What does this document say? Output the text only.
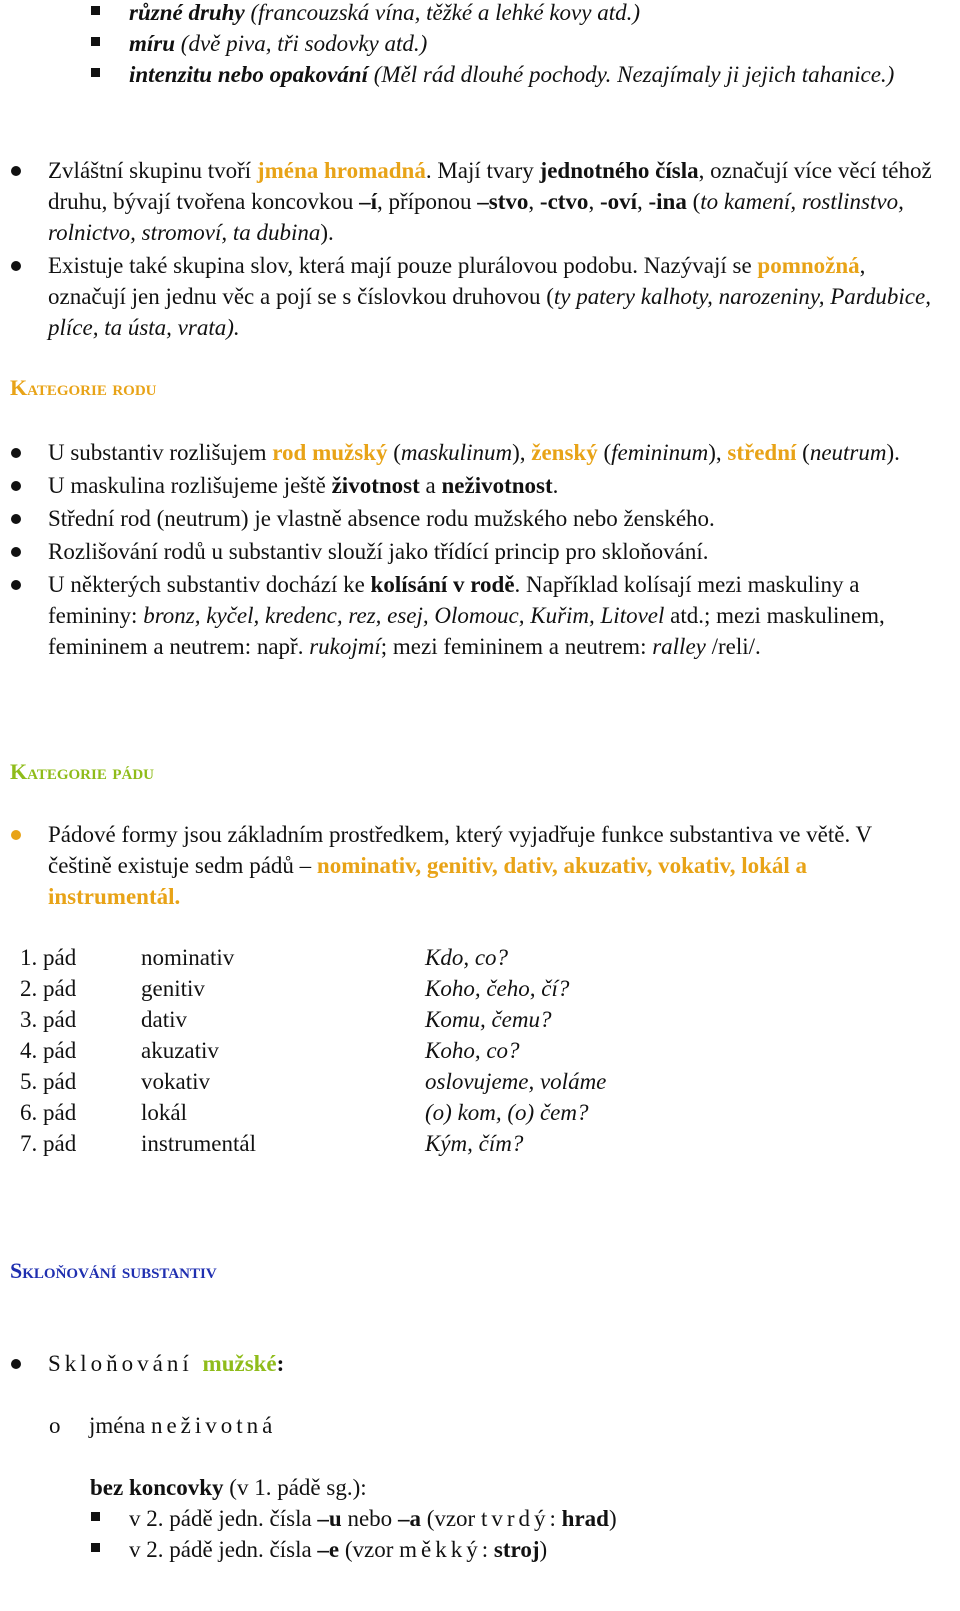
různé druhy (francouzská vína, těžké a lehké kovy atd.)
míru (dvě piva, tři sodovky atd.)
intenzitu nebo opakování (Měl rád dlouhé pochody. Nezajímaly ji jejich tahanice.)
Zvláštní skupinu tvoří jména hromadná. Mají tvary jednotného čísla, označují více věcí téhož druhu, bývají tvořena koncovkou –í, příponou –stvo, -ctvo, -oví, -ina (to kamení, rostlinstvo, rolnictvo, stromoví, ta dubina).
Existuje také skupina slov, která mají pouze plurálovou podobu. Nazývají se pomnožná, označují jen jednu věc a pojí se s číslovkou druhovou (ty patery kalhoty, narozeniny, Pardubice, plíce, ta ústa, vrata).
Kategorie rodu
U substantiv rozlišujem rod mužský (maskulinum), ženský (femininum), střední (neutrum).
U maskulina rozlišujeme ještě životnost a neživotnost.
Střední rod (neutrum) je vlastně absence rodu mužského nebo ženského.
Rozlišování rodů u substantiv slouží jako třídící princip pro skloňování.
U některých substantiv dochází ke kolísání v rodě. Například kolísají mezi maskuliny a femininy: bronz, kyčel, kredenc, rez, esej, Olomouc, Kuřim, Litovel atd.; mezi maskulinem, femininem a neutrem: např. rukojmí; mezi femininem a neutrem: ralley /reli/.
Kategorie pádu
Pádové formy jsou základním prostředkem, který vyjadřuje funkce substantiva ve větě. V češtině existuje sedm pádů – nominativ, genitiv, dativ, akuzativ, vokativ, lokál a instrumentál.
1. pád	nominativ	Kdo, co?
2. pád	genitiv	Koho, čeho, čí?
3. pád	dativ	Komu, čemu?
4. pád	akuzativ	Koho, co?
5. pád	vokativ	oslovujeme, voláme
6. pád	lokál	(o) kom, (o) čem?
7. pád	instrumentál	Kým, čím?
Skloňování substantiv
Skloňování mužské:
o jména neživotná
bez koncovky (v 1. pádě sg.):
v 2. pádě jedn. čísla –u nebo –a (vzor tvrdý: hrad)
v 2. pádě jedn. čísla –e (vzor měkký: stroj)
